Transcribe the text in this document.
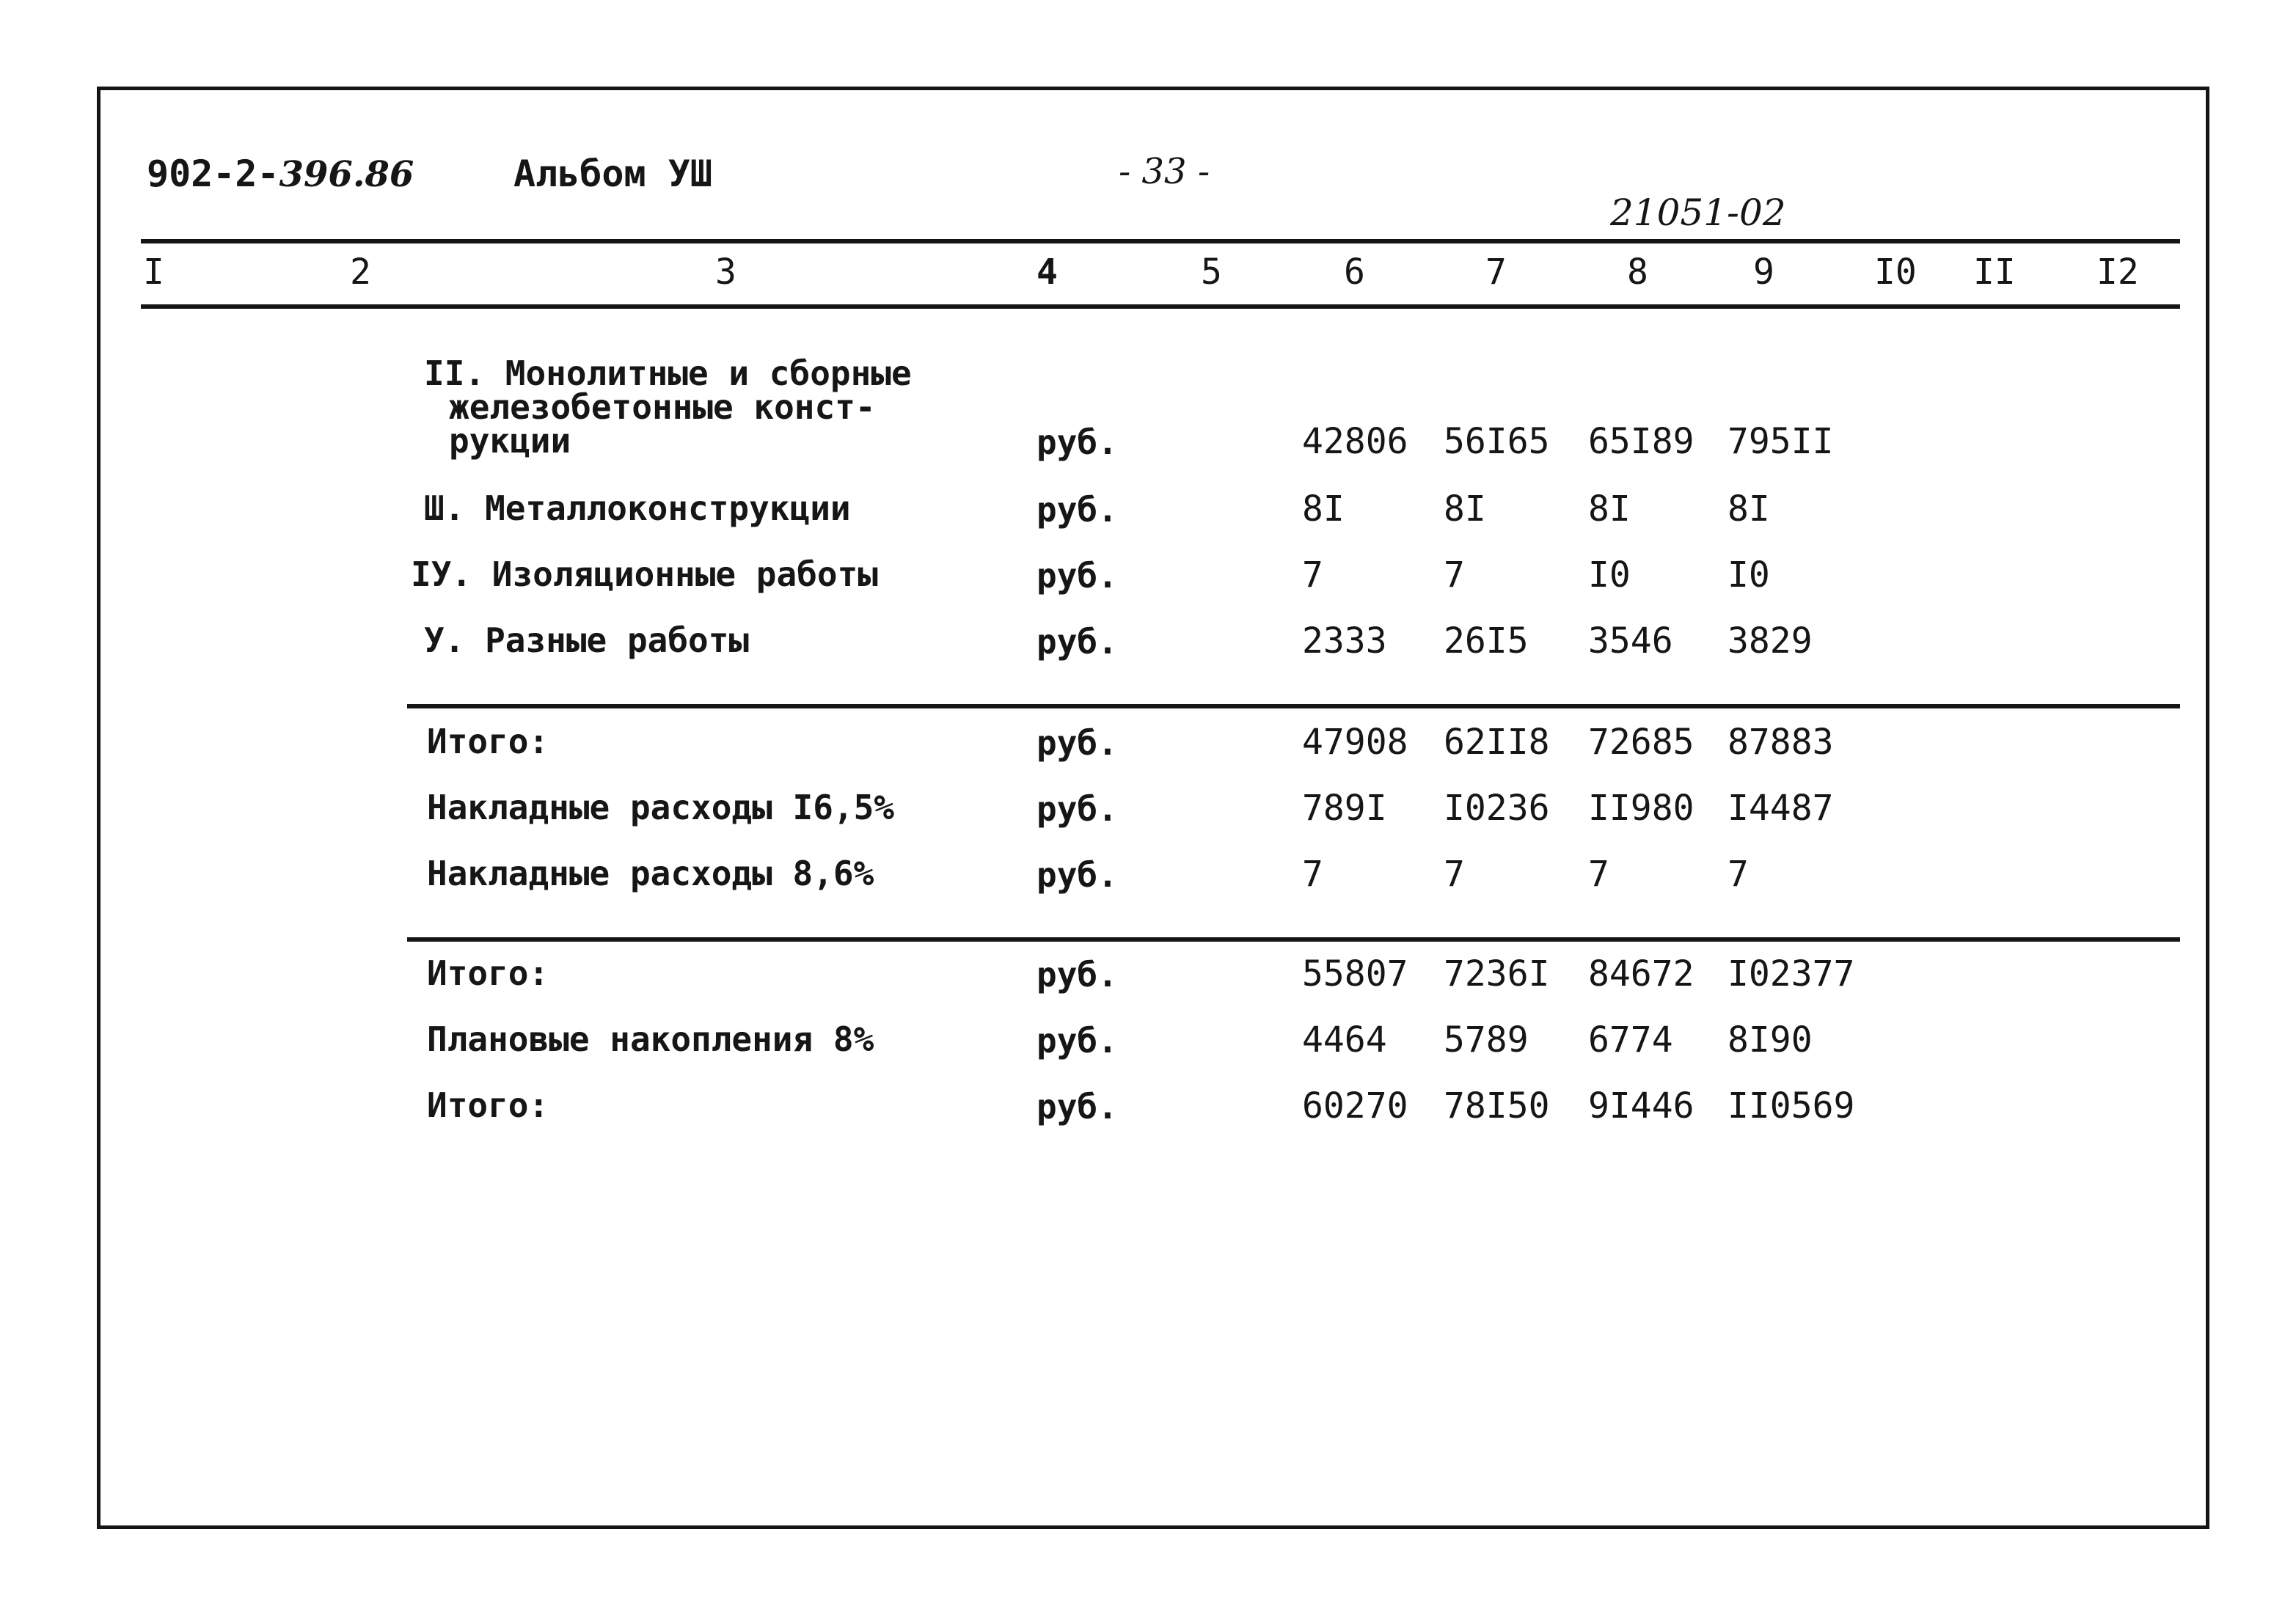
902-2-396.86	Альбом УШ	- 33 -
21051-02
I	2	3	4	5	6	7	8	9	I0 II I2
II. Монолитные и сборные
железобетонные конст-
рукции	руб.	42806 56I65 65I89 795II
Ш. Металлоконструкции	руб.	8I	8I	8I	8I
IУ. Изоляционные работы	руб.	7	7	I0	I0
У. Разные работы	руб.	2333 26I5 3546 3829
Итого:	руб.	47908 62II8 72685 87883
Накладные расходы I6,5%	руб.	789I I0236 II980 I4487
Накладные расходы 8,6%	руб.	7	7	7	7
Итого:	руб.	55807 7236I 84672 I02377
Плановые накопления 8%	руб.	4464 5789 6774 8I90
Итого:	руб.	60270 78I50 9I446 II0569
